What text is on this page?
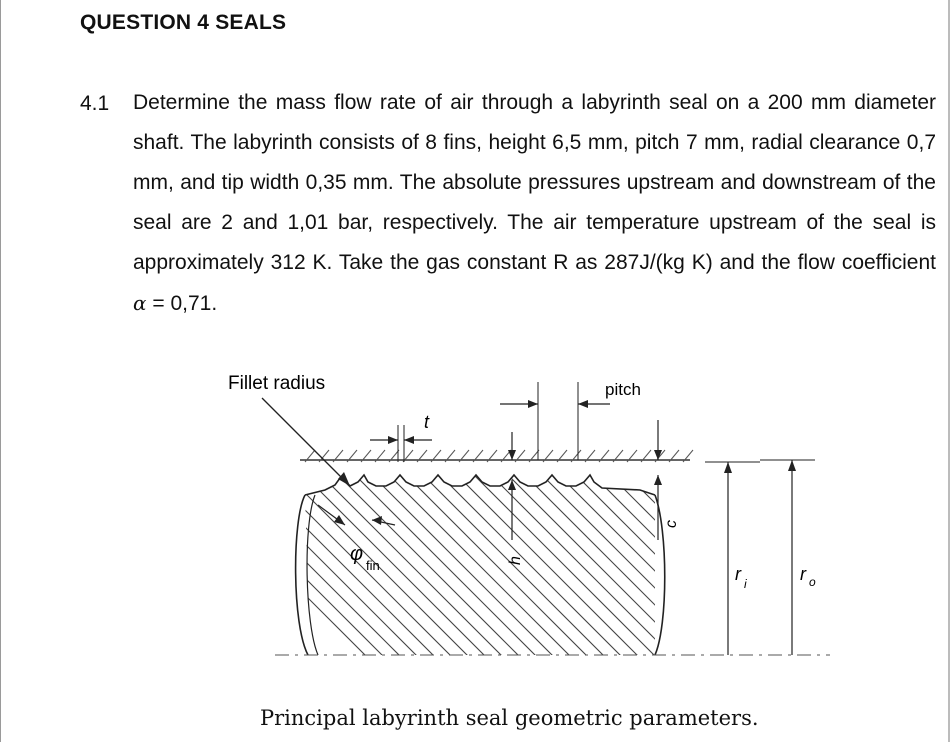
QUESTION 4 SEALS
4.1 Determine the mass flow rate of air through a labyrinth seal on a 200 mm diameter shaft. The labyrinth consists of 8 fins, height 6,5 mm, pitch 7 mm, radial clearance 0,7 mm, and tip width 0,35 mm. The absolute pressures upstream and downstream of the seal are 2 and 1,01 bar, respectively. The air temperature upstream of the seal is approximately 312 K. Take the gas constant R as 287J/(kg K) and the flow coefficient α = 0,71.
Fillet radius
t
pitch
c
h
φ
fin	r i	r o
Principal labyrinth seal geometric parameters.
